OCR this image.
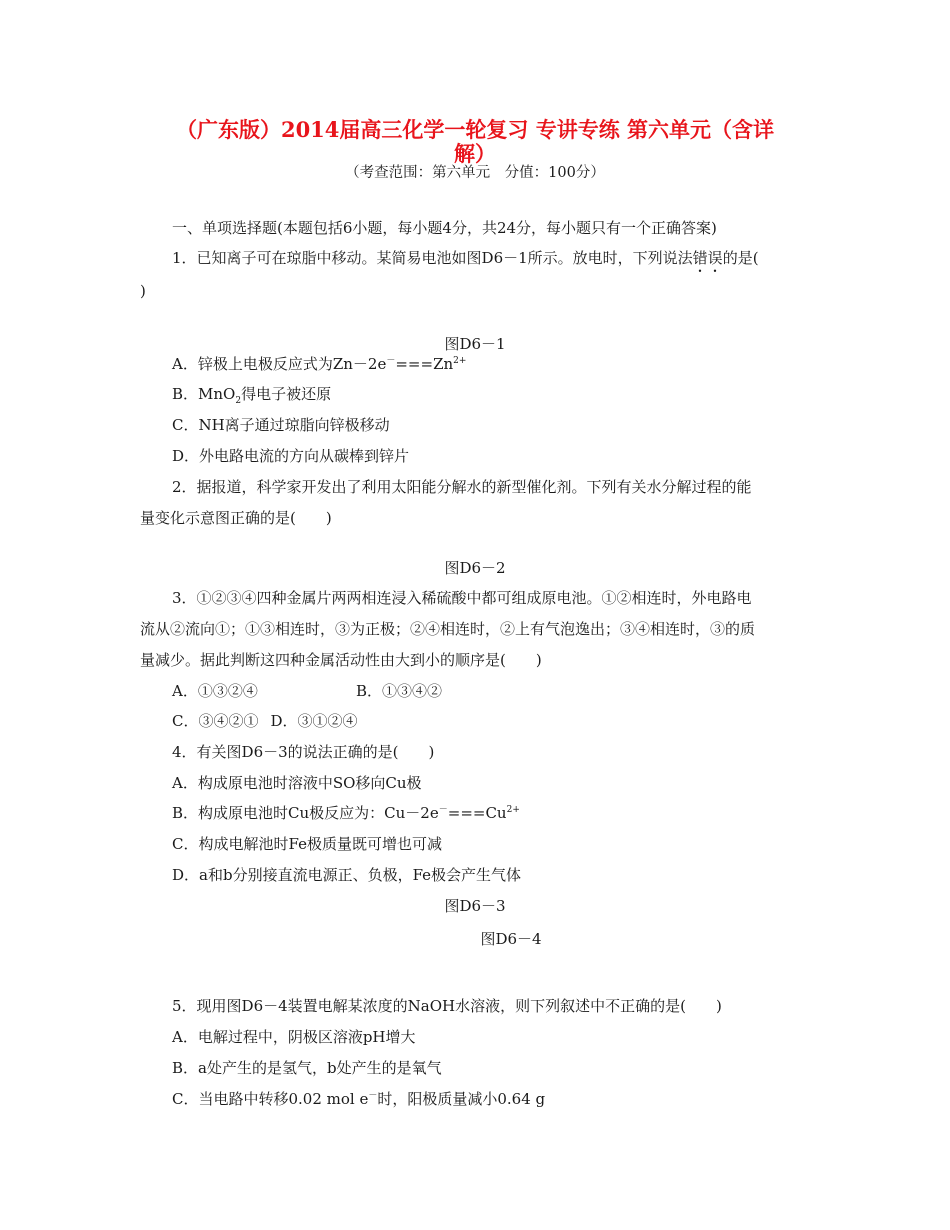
（广东版）2014届高三化学一轮复习 专讲专练 第六单元（含详
解）
（考查范围：第六单元　分值：100分）
一、单项选择题(本题包括6小题，每小题4分，共24分，每小题只有一个正确答案)
1．已知离子可在琼脂中移动。某简易电池如图D6－1所示。放电时，下列说法错误的是(
)
图D6－1
A．锌极上电极反应式为$Zn-2e^-===Zn^{2+}$
B．MnO$_2$得电子被还原
C．NH离子通过琼脂向锌极移动
D．外电路电流的方向从碳棒到锌片
2．据报道，科学家开发出了利用太阳能分解水的新型催化剂。下列有关水分解过程的能
量变化示意图正确的是(　　)
图D6－2
3．①②③④四种金属片两两相连浸入稀硫酸中都可组成原电池。①②相连时，外电路电
流从②流向①；①③相连时，③为正极；②④相连时，②上有气泡逸出；③④相连时，③的质
量减少。据此判断这四种金属活动性由大到小的顺序是(　　)
A．①③②④	B．①③④②
C．③④②① D．③①②④
4．有关图D6－3的说法正确的是(　　)
A．构成原电池时溶液中SO移向Cu极
B．构成原电池时Cu极反应为：$Cu-2e^-===Cu^{2+}$
C．构成电解池时Fe极质量既可增也可减
D．a和b分别接直流电源正、负极，Fe极会产生气体
图D6－3
图D6－4
5．现用图D6－4装置电解某浓度的NaOH水溶液，则下列叙述中不正确的是(　　)
A．电解过程中，阴极区溶液pH增大
B．a处产生的是氢气，b处产生的是氧气
C．当电路中转移0.02 mol e－时，阳极质量减小0.64 g
